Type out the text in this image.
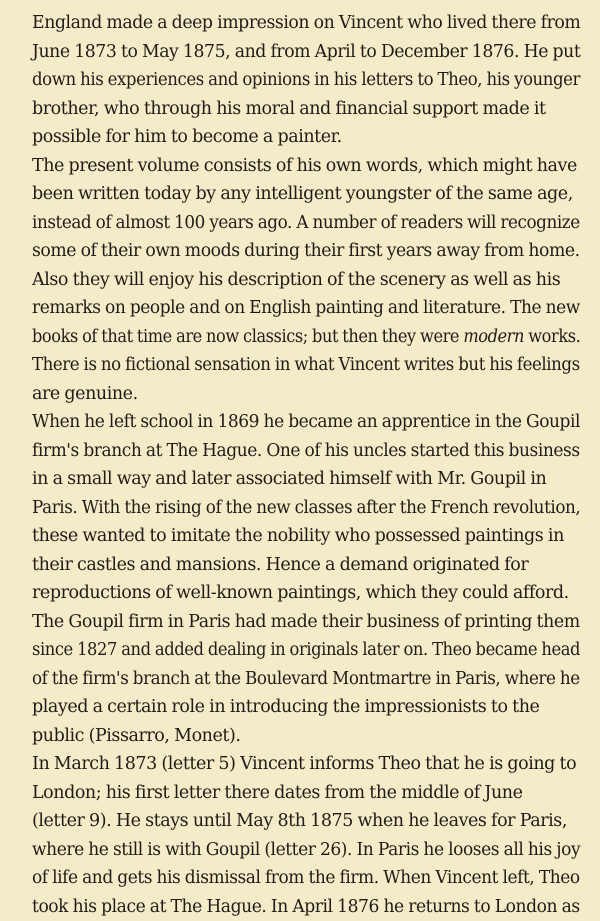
England made a deep impression on Vincent who lived there from
June 1873 to May 1875, and from April to December 1876. He put
down his experiences and opinions in his letters to Theo, his younger
brother, who through his moral and financial support made it
possible for him to become a painter.
The present volume consists of his own words, which might have
been written today by any intelligent youngster of the same age,
instead of almost 100 years ago. A number of readers will recognize
some of their own moods during their first years away from home.
Also they will enjoy his description of the scenery as well as his
remarks on people and on English painting and literature. The new
books of that time are now classics; but then they were modern works.
There is no fictional sensation in what Vincent writes but his feelings
are genuine.
When he left school in 1869 he became an apprentice in the Goupil
firm's branch at The Hague. One of his uncles started this business
in a small way and later associated himself with Mr. Goupil in
Paris. With the rising of the new classes after the French revolution,
these wanted to imitate the nobility who possessed paintings in
their castles and mansions. Hence a demand originated for
reproductions of well-known paintings, which they could afford.
The Goupil firm in Paris had made their business of printing them
since 1827 and added dealing in originals later on. Theo became head
of the firm's branch at the Boulevard Montmartre in Paris, where he
played a certain role in introducing the impressionists to the
public (Pissarro, Monet).
In March 1873 (letter 5) Vincent informs Theo that he is going to
London; his first letter there dates from the middle of June
(letter 9). He stays until May 8th 1875 when he leaves for Paris,
where he still is with Goupil (letter 26). In Paris he looses all his joy
of life and gets his dismissal from the firm. When Vincent left, Theo
took his place at The Hague. In April 1876 he returns to London as
